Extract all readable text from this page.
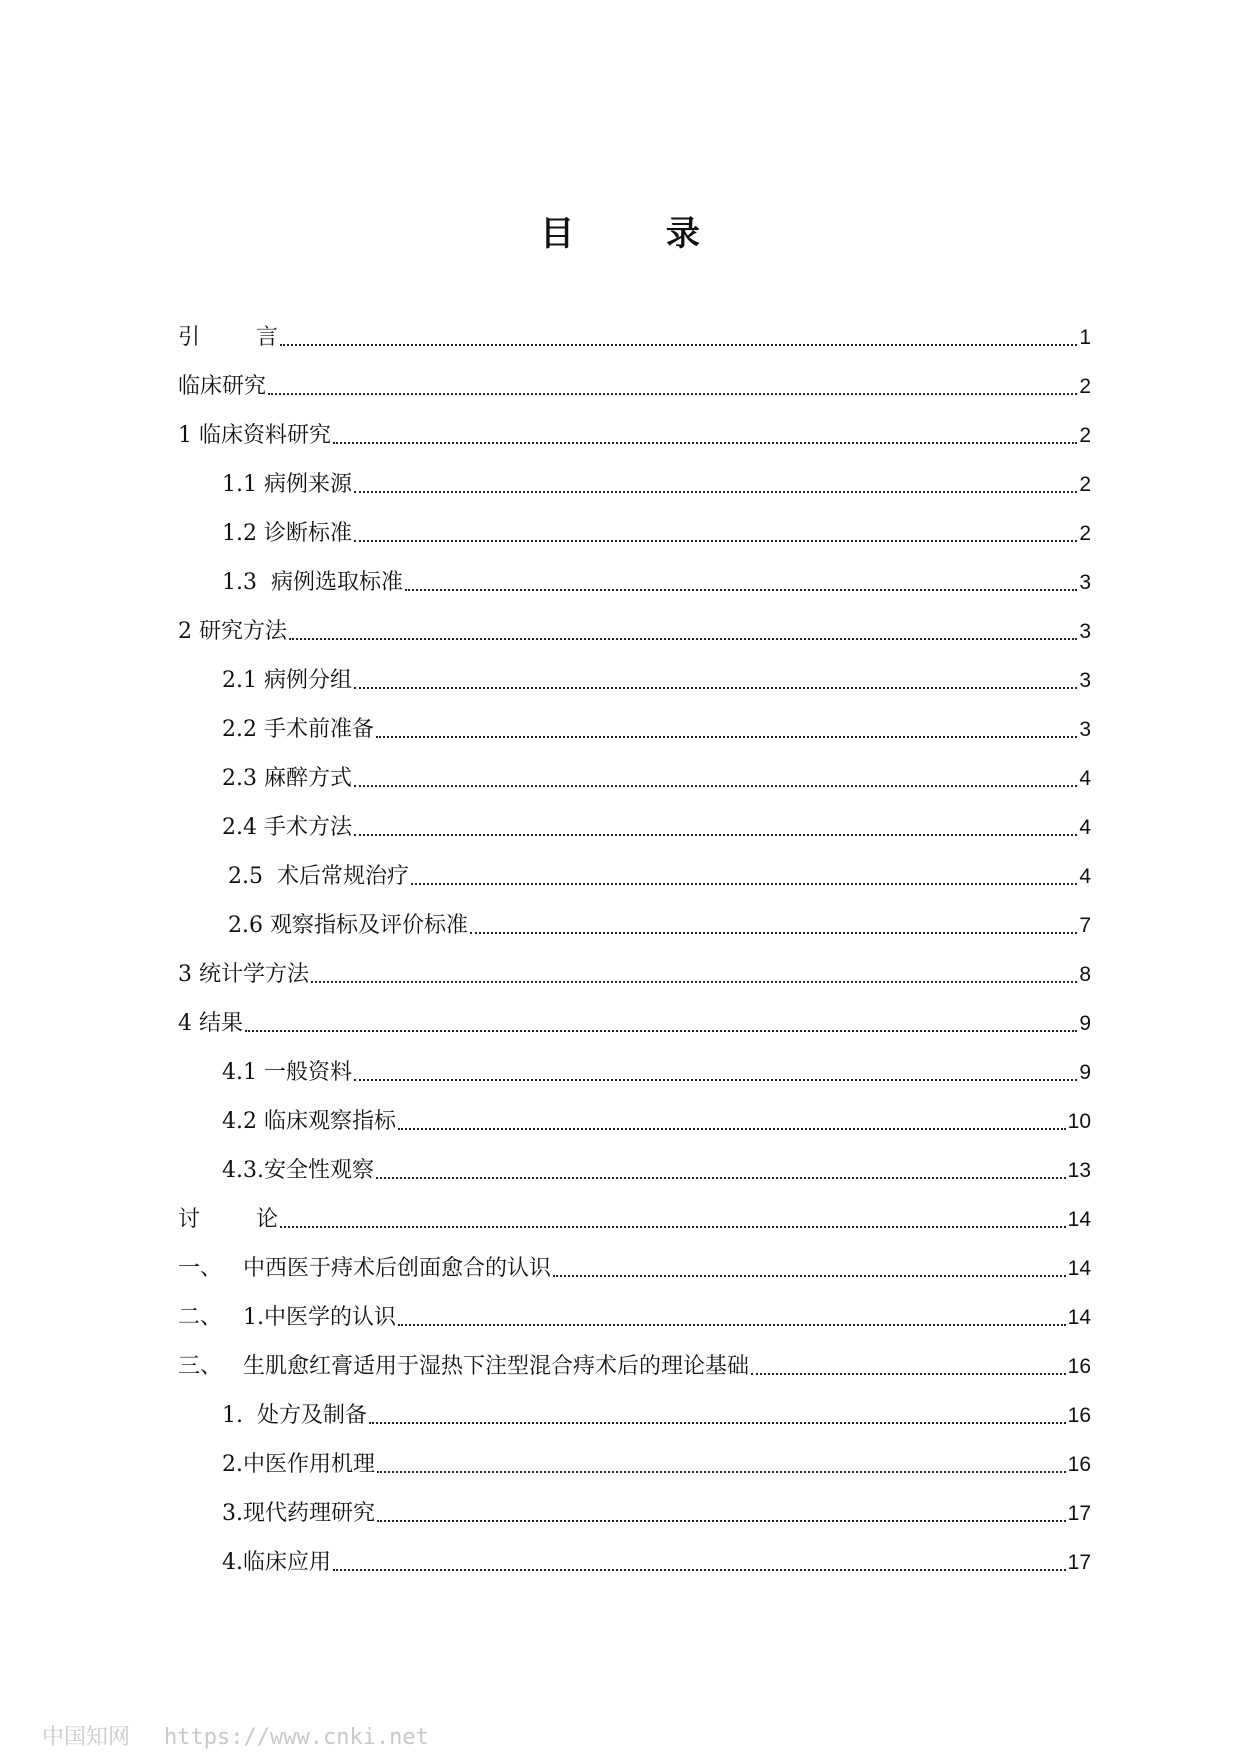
目 录
引        言	1
临床研究	2
1 临床资料研究	2
1.1 病例来源	2
1.2 诊断标准	2
1.3  病例选取标准	3
2 研究方法	3
2.1 病例分组	3
2.2 手术前准备	3
2.3 麻醉方式	4
2.4 手术方法	4
2.5  术后常规治疗	4
2.6 观察指标及评价标准	7
3 统计学方法	8
4 结果	9
4.1 一般资料	9
4.2 临床观察指标	10
4.3.安全性观察	13
讨        论	14
一、   中西医于痔术后创面愈合的认识	14
二、   1.中医学的认识	14
三、   生肌愈红膏适用于湿热下注型混合痔术后的理论基础	16
1.  处方及制备	16
2.中医作用机理	16
3.现代药理研究	17
4.临床应用	17
中国知网 https://www.cnki.net
